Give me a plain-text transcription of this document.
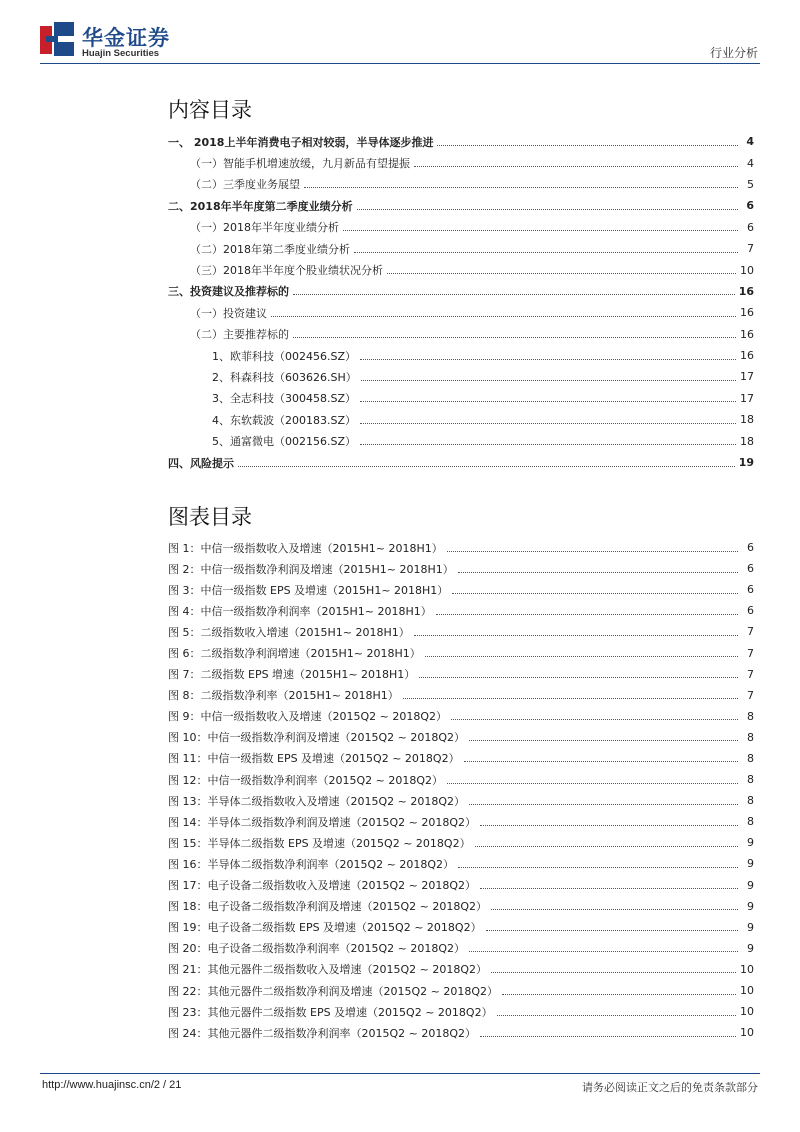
华金证券
Huajin Securities	行业分析
内容目录
一、 2018上半年消费电子相对较弱，半导体逐步推进	4
（一）智能手机增速放缓，九月新品有望提振	4
（二）三季度业务展望	5
二、2018年半年度第二季度业绩分析	6
（一）2018年半年度业绩分析	6
（二）2018年第二季度业绩分析	7
（三）2018年半年度个股业绩状况分析	10
三、投资建议及推荐标的	16
（一）投资建议	16
（二）主要推荐标的	16
1、欧菲科技（002456.SZ）	16
2、科森科技（603626.SH）	17
3、全志科技（300458.SZ）	17
4、东软载波（200183.SZ）	18
5、通富微电（002156.SZ）	18
四、风险提示	19
图表目录
图 1：中信一级指数收入及增速（2015H1~ 2018H1）	6
图 2：中信一级指数净利润及增速（2015H1~ 2018H1）	6
图 3：中信一级指数 EPS 及增速（2015H1~ 2018H1）	6
图 4：中信一级指数净利润率（2015H1~ 2018H1）	6
图 5：二级指数收入增速（2015H1~ 2018H1）	7
图 6：二级指数净利润增速（2015H1~ 2018H1）	7
图 7：二级指数 EPS 增速（2015H1~ 2018H1）	7
图 8：二级指数净利率（2015H1~ 2018H1）	7
图 9：中信一级指数收入及增速（2015Q2 ~ 2018Q2）	8
图 10：中信一级指数净利润及增速（2015Q2 ~ 2018Q2）	8
图 11：中信一级指数 EPS 及增速（2015Q2 ~ 2018Q2）	8
图 12：中信一级指数净利润率（2015Q2 ~ 2018Q2）	8
图 13：半导体二级指数收入及增速（2015Q2 ~ 2018Q2）	8
图 14：半导体二级指数净利润及增速（2015Q2 ~ 2018Q2）	8
图 15：半导体二级指数 EPS 及增速（2015Q2 ~ 2018Q2）	9
图 16：半导体二级指数净利润率（2015Q2 ~ 2018Q2）	9
图 17：电子设备二级指数收入及增速（2015Q2 ~ 2018Q2）	9
图 18：电子设备二级指数净利润及增速（2015Q2 ~ 2018Q2）	9
图 19：电子设备二级指数 EPS 及增速（2015Q2 ~ 2018Q2）	9
图 20：电子设备二级指数净利润率（2015Q2 ~ 2018Q2）	9
图 21：其他元器件二级指数收入及增速（2015Q2 ~ 2018Q2）	10
图 22：其他元器件二级指数净利润及增速（2015Q2 ~ 2018Q2）	10
图 23：其他元器件二级指数 EPS 及增速（2015Q2 ~ 2018Q2）	10
图 24：其他元器件二级指数净利润率（2015Q2 ~ 2018Q2）	10
http://www.huajinsc.cn/2 / 21	请务必阅读正文之后的免责条款部分
